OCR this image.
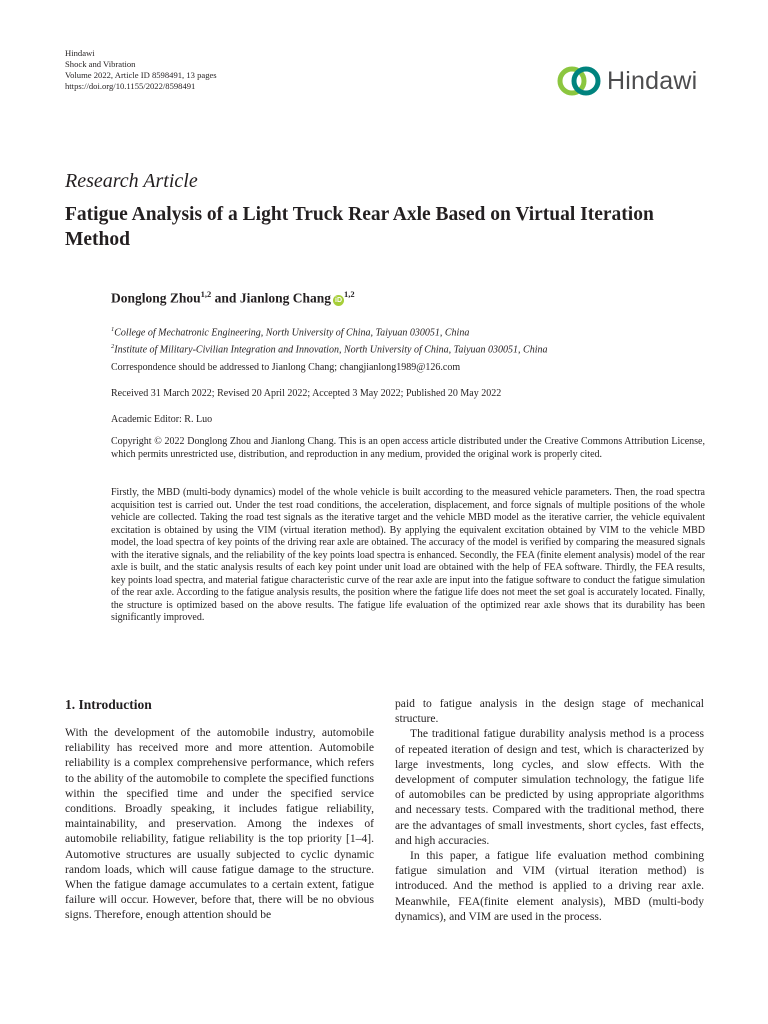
Hindawi
Shock and Vibration
Volume 2022, Article ID 8598491, 13 pages
https://doi.org/10.1155/2022/8598491	Hindawi
Research Article
Fatigue Analysis of a Light Truck Rear Axle Based on Virtual Iteration Method
Donglong Zhou$^{1,2}$ and Jianlong Chang iD$^{1,2}$
$^1$College of Mechatronic Engineering, North University of China, Taiyuan 030051, China
$^2$Institute of Military-Civilian Integration and Innovation, North University of China, Taiyuan 030051, China
Correspondence should be addressed to Jianlong Chang; changjianlong1989@126.com
Received 31 March 2022; Revised 20 April 2022; Accepted 3 May 2022; Published 20 May 2022
Academic Editor: R. Luo
Copyright © 2022 Donglong Zhou and Jianlong Chang. This is an open access article distributed under the Creative Commons Attribution License, which permits unrestricted use, distribution, and reproduction in any medium, provided the original work is properly cited.
Firstly, the MBD (multi-body dynamics) model of the whole vehicle is built according to the measured vehicle parameters. Then, the road spectra acquisition test is carried out. Under the test road conditions, the acceleration, displacement, and force signals of multiple positions of the whole vehicle are collected. Taking the road test signals as the iterative target and the vehicle MBD model as the iterative carrier, the vehicle equivalent excitation is obtained by using the VIM (virtual iteration method). By applying the equivalent excitation obtained by VIM to the vehicle MBD model, the load spectra of key points of the driving rear axle are obtained. The accuracy of the model is verified by comparing the measured signals with the iterative signals, and the reliability of the key points load spectra is enhanced. Secondly, the FEA (finite element analysis) model of the rear axle is built, and the static analysis results of each key point under unit load are obtained with the help of FEA software. Thirdly, the FEA results, key points load spectra, and material fatigue characteristic curve of the rear axle are input into the fatigue software to conduct the fatigue simulation of the rear axle. According to the fatigue analysis results, the position where the fatigue life does not meet the set goal is accurately located. Finally, the structure is optimized based on the above results. The fatigue life evaluation of the optimized rear axle shows that its durability has been significantly improved.
1. Introduction

With the development of the automobile industry, automobile reliability has received more and more attention. Automobile reliability is a complex comprehensive performance, which refers to the ability of the automobile to complete the specified functions within the specified time and under the specified service conditions. Broadly speaking, it includes fatigue reliability, maintainability, and preservation. Among the indexes of automobile reliability, fatigue reliability is the top priority [1–4]. Automotive structures are usually subjected to cyclic dynamic random loads, which will cause fatigue damage to the structure. When the fatigue damage accumulates to a certain extent, fatigue failure will occur. However, before that, there will be no obvious signs. Therefore, enough attention should be

paid to fatigue analysis in the design stage of mechanical structure.

The traditional fatigue durability analysis method is a process of repeated iteration of design and test, which is characterized by large investments, long cycles, and slow effects. With the development of computer simulation technology, the fatigue life of automobiles can be predicted by using appropriate algorithms and necessary tests. Compared with the traditional method, there are the advantages of small investments, short cycles, fast effects, and high accuracies.

In this paper, a fatigue life evaluation method combining fatigue simulation and VIM (virtual iteration method) is introduced. And the method is applied to a driving rear axle. Meanwhile, FEA(finite element analysis), MBD (multi-body dynamics), and VIM are used in the process.
